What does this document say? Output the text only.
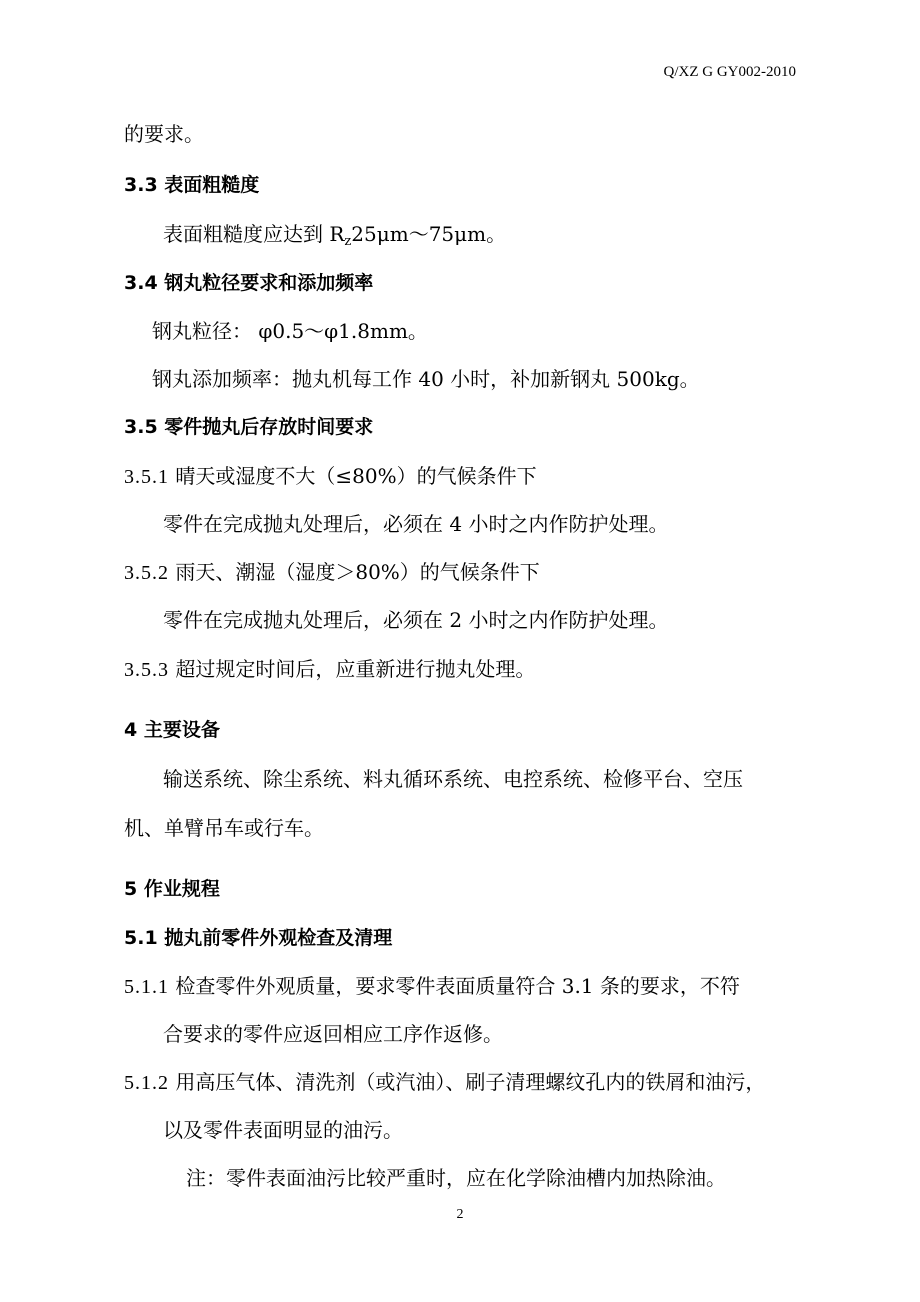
Q/XZ G GY002-2010
的要求。
3.3 表面粗糙度
表面粗糙度应达到 $R_z25\mu m\sim 75\mu m$。
3.4 钢丸粒径要求和添加频率
钢丸粒径： φ0.5～φ1.8mm。
钢丸添加频率：抛丸机每工作 40 小时，补加新钢丸 500kg。
3.5 零件抛丸后存放时间要求
3.5.1 晴天或湿度不大（≤80%）的气候条件下
零件在完成抛丸处理后，必须在 4 小时之内作防护处理。
3.5.2 雨天、潮湿（湿度＞80%）的气候条件下
零件在完成抛丸处理后，必须在 2 小时之内作防护处理。
3.5.3 超过规定时间后，应重新进行抛丸处理。
4 主要设备
输送系统、除尘系统、料丸循环系统、电控系统、检修平台、空压
机、单臂吊车或行车。
5 作业规程
5.1 抛丸前零件外观检查及清理
5.1.1 检查零件外观质量，要求零件表面质量符合 3.1 条的要求，不符
合要求的零件应返回相应工序作返修。
5.1.2 用高压气体、清洗剂（或汽油）、刷子清理螺纹孔内的铁屑和油污，
以及零件表面明显的油污。
注：零件表面油污比较严重时，应在化学除油槽内加热除油。
2
